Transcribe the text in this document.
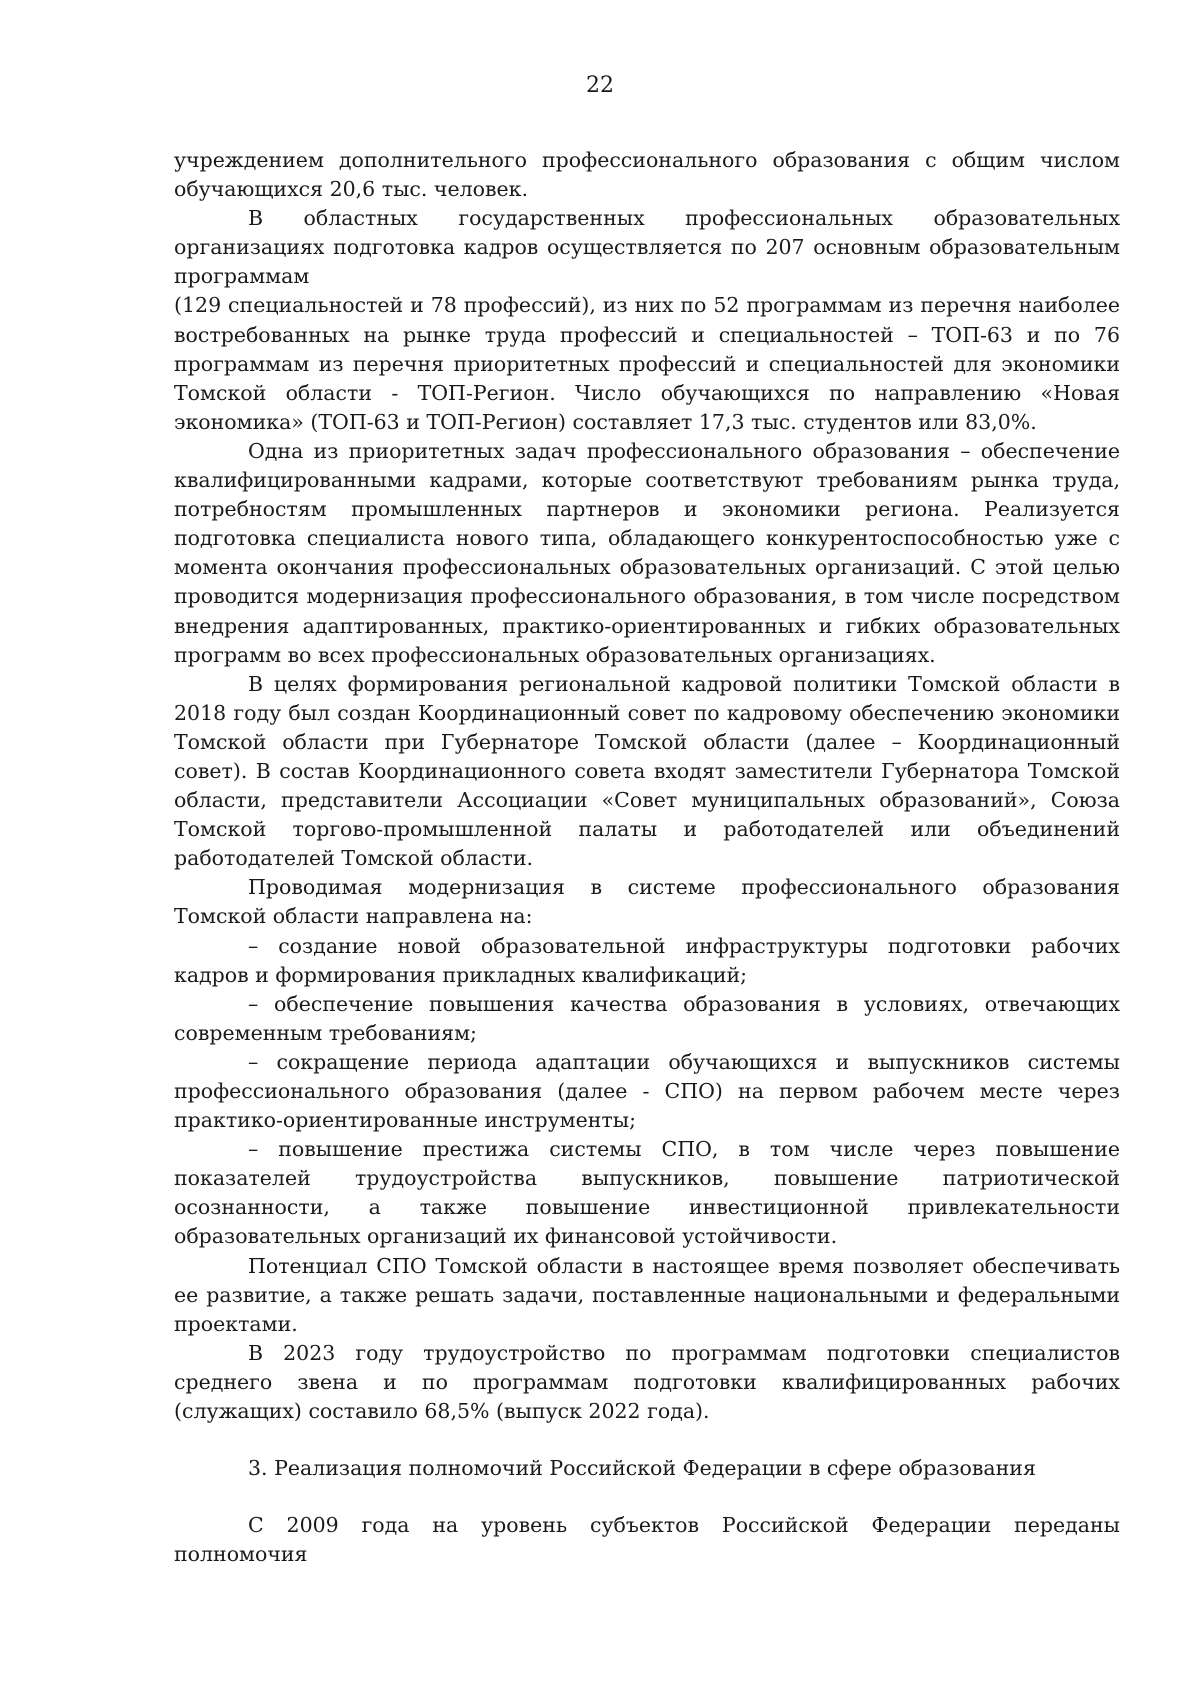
22

учреждением дополнительного профессионального образования с общим числом обучающихся 20,6 тыс. человек.

В областных государственных профессиональных образовательных организациях подготовка кадров осуществляется по 207 основным образовательным программам

(129 специальностей и 78 профессий), из них по 52 программам из перечня наиболее востребованных на рынке труда профессий и специальностей – ТОП-63 и по 76 программам из перечня приоритетных профессий и специальностей для экономики Томской области - ТОП-Регион. Число обучающихся по направлению «Новая экономика» (ТОП-63 и ТОП-Регион) составляет 17,3 тыс. студентов или 83,0%.

Одна из приоритетных задач профессионального образования – обеспечение квалифицированными кадрами, которые соответствуют требованиям рынка труда, потребностям промышленных партнеров и экономики региона. Реализуется подготовка специалиста нового типа, обладающего конкурентоспособностью уже с момента окончания профессиональных образовательных организаций. С этой целью проводится модернизация профессионального образования, в том числе посредством внедрения адаптированных, практико-ориентированных и гибких образовательных программ во всех профессиональных образовательных организациях.

В целях формирования региональной кадровой политики Томской области в 2018 году был создан Координационный совет по кадровому обеспечению экономики Томской области при Губернаторе Томской области (далее – Координационный совет). В состав Координационного совета входят заместители Губернатора Томской области, представители Ассоциации «Совет муниципальных образований», Союза Томской торгово-промышленной палаты и работодателей или объединений работодателей Томской области.

Проводимая модернизация в системе профессионального образования Томской области направлена на:

– создание новой образовательной инфраструктуры подготовки рабочих кадров и формирования прикладных квалификаций;

– обеспечение повышения качества образования в условиях, отвечающих современным требованиям;

– сокращение периода адаптации обучающихся и выпускников системы профессионального образования (далее - СПО) на первом рабочем месте через практико-ориентированные инструменты;

– повышение престижа системы СПО, в том числе через повышение показателей трудоустройства выпускников, повышение патриотической осознанности, а также повышение инвестиционной привлекательности образовательных организаций их финансовой устойчивости.

Потенциал СПО Томской области в настоящее время позволяет обеспечивать ее развитие, а также решать задачи, поставленные национальными и федеральными проектами.

В 2023 году трудоустройство по программам подготовки специалистов среднего звена и по программам подготовки квалифицированных рабочих (служащих) составило 68,5% (выпуск 2022 года).

3. Реализация полномочий Российской Федерации в сфере образования

С 2009 года на уровень субъектов Российской Федерации переданы полномочия
